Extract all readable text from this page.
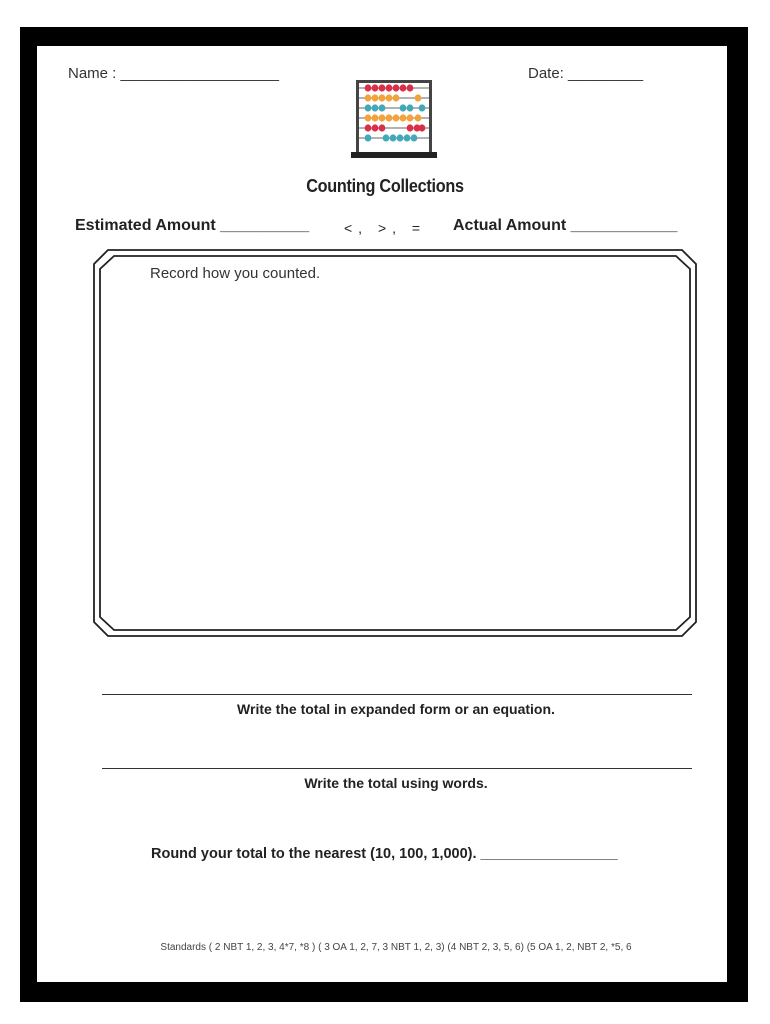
Name : ___________________	Date: _________
Counting Collections
Estimated Amount __________ <, >, = Actual Amount ____________
Record how you counted.
Write the total in expanded form or an equation.
Write the total using words.
Round your total to the nearest (10, 100, 1,000). _________________
Standards ( 2 NBT 1, 2, 3, 4*7, *8 ) ( 3 OA 1, 2, 7, 3 NBT 1, 2, 3) (4 NBT 2, 3, 5, 6) (5 OA 1, 2, NBT 2, *5, 6
